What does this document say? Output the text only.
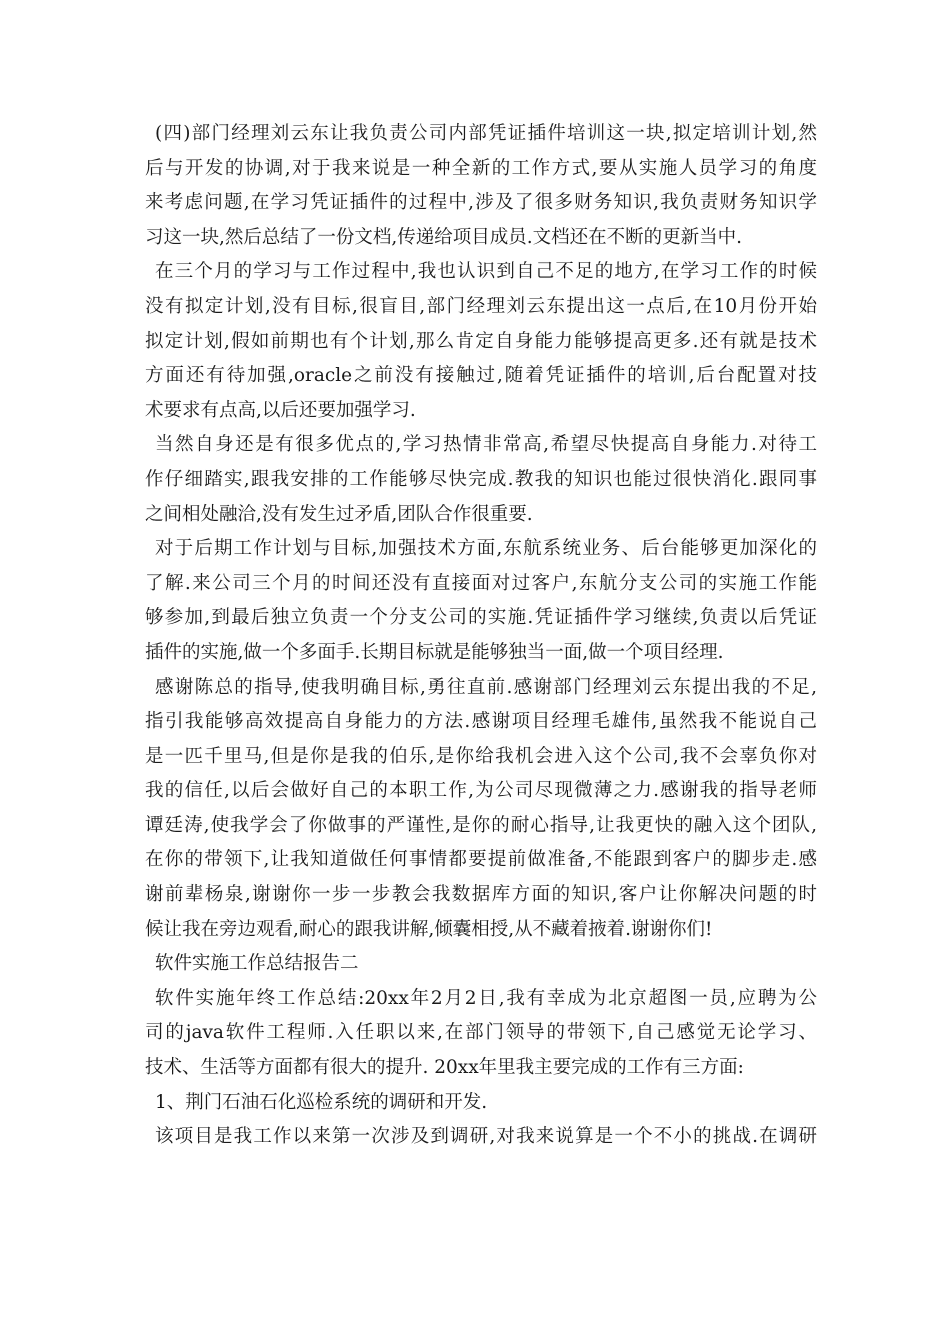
(四)部门经理刘云东让我负责公司内部凭证插件培训这一块,拟定培训计划,然
后与开发的协调,对于我来说是一种全新的工作方式,要从实施人员学习的角度
来考虑问题,在学习凭证插件的过程中,涉及了很多财务知识,我负责财务知识学
习这一块,然后总结了一份文档,传递给项目成员.文档还在不断的更新当中.
在三个月的学习与工作过程中,我也认识到自己不足的地方,在学习工作的时候
没有拟定计划,没有目标,很盲目,部门经理刘云东提出这一点后,在10月份开始
拟定计划,假如前期也有个计划,那么肯定自身能力能够提高更多.还有就是技术
方面还有待加强,oracle之前没有接触过,随着凭证插件的培训,后台配置对技
术要求有点高,以后还要加强学习.
当然自身还是有很多优点的,学习热情非常高,希望尽快提高自身能力.对待工
作仔细踏实,跟我安排的工作能够尽快完成.教我的知识也能过很快消化.跟同事
之间相处融洽,没有发生过矛盾,团队合作很重要.
对于后期工作计划与目标,加强技术方面,东航系统业务、后台能够更加深化的
了解.来公司三个月的时间还没有直接面对过客户,东航分支公司的实施工作能
够参加,到最后独立负责一个分支公司的实施.凭证插件学习继续,负责以后凭证
插件的实施,做一个多面手.长期目标就是能够独当一面,做一个项目经理.
感谢陈总的指导,使我明确目标,勇往直前.感谢部门经理刘云东提出我的不足,
指引我能够高效提高自身能力的方法.感谢项目经理毛雄伟,虽然我不能说自己
是一匹千里马,但是你是我的伯乐,是你给我机会进入这个公司,我不会辜负你对
我的信任,以后会做好自己的本职工作,为公司尽现微薄之力.感谢我的指导老师
谭廷涛,使我学会了你做事的严谨性,是你的耐心指导,让我更快的融入这个团队,
在你的带领下,让我知道做任何事情都要提前做准备,不能跟到客户的脚步走.感
谢前辈杨泉,谢谢你一步一步教会我数据库方面的知识,客户让你解决问题的时
候让我在旁边观看,耐心的跟我讲解,倾囊相授,从不藏着掖着.谢谢你们!
软件实施工作总结报告二
软件实施年终工作总结:20xx年2月2日,我有幸成为北京超图一员,应聘为公
司的java软件工程师.入任职以来,在部门领导的带领下,自己感觉无论学习、
技术、生活等方面都有很大的提升. 20xx年里我主要完成的工作有三方面:
1、荆门石油石化巡检系统的调研和开发.
该项目是我工作以来第一次涉及到调研,对我来说算是一个不小的挑战.在调研
